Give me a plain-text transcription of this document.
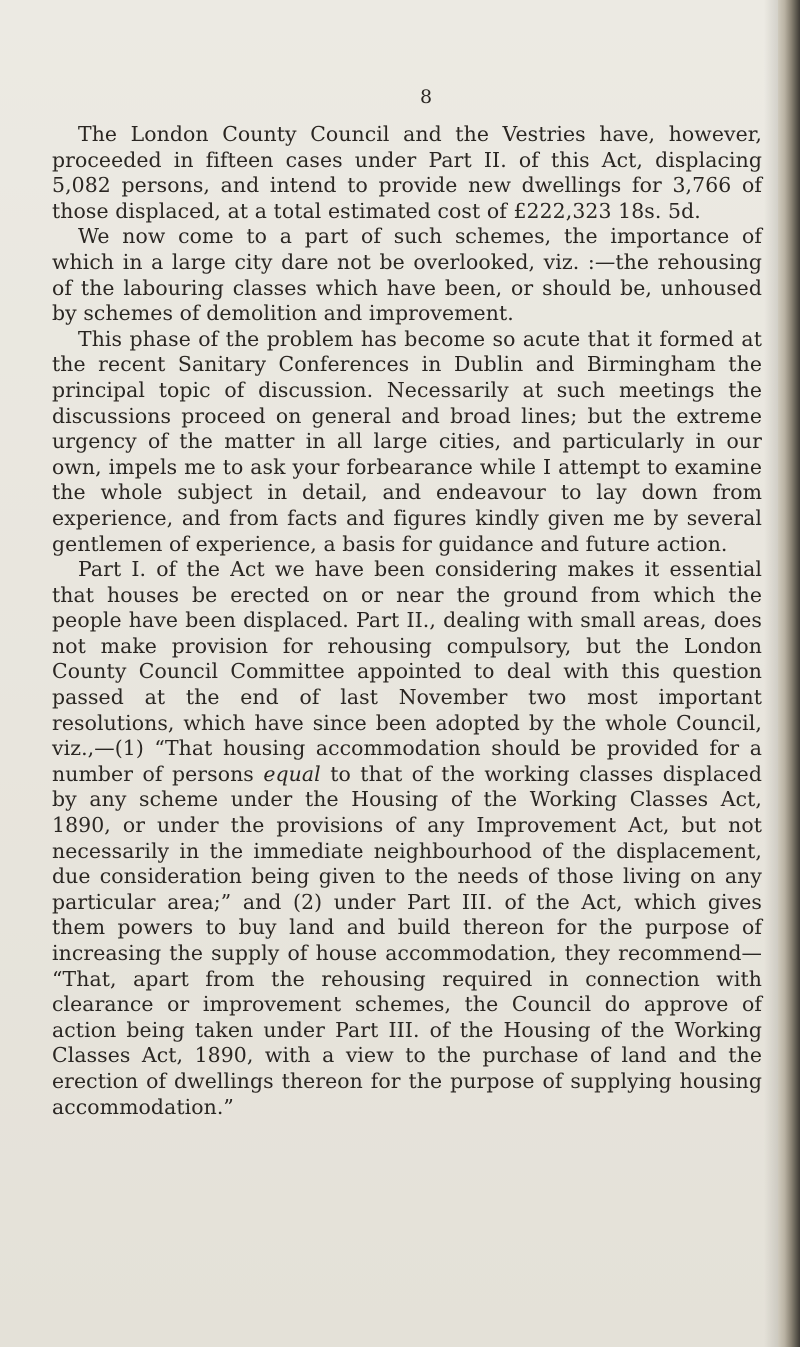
8

The London County Council and the Vestries have, however, proceeded in fifteen cases under Part II. of this Act, displacing 5,082 persons, and intend to provide new dwellings for 3,766 of those displaced, at a total estimated cost of £222,323 18s. 5d.

We now come to a part of such schemes, the importance of which in a large city dare not be overlooked, viz. :—the rehousing of the labouring classes which have been, or should be, unhoused by schemes of demolition and improvement.

This phase of the problem has become so acute that it formed at the recent Sanitary Conferences in Dublin and Birmingham the principal topic of discussion. Necessarily at such meetings the discussions proceed on general and broad lines; but the extreme urgency of the matter in all large cities, and particularly in our own, impels me to ask your forbearance while I attempt to examine the whole subject in detail, and endeavour to lay down from experience, and from facts and figures kindly given me by several gentlemen of experience, a basis for guidance and future action.

Part I. of the Act we have been considering makes it essential that houses be erected on or near the ground from which the people have been displaced. Part II., dealing with small areas, does not make provision for rehousing compulsory, but the London County Council Committee appointed to deal with this question passed at the end of last November two most important resolutions, which have since been adopted by the whole Council, viz.,—(1) “That housing accommodation should be provided for a number of persons equal to that of the working classes displaced by any scheme under the Housing of the Working Classes Act, 1890, or under the provisions of any Improvement Act, but not necessarily in the immediate neighbourhood of the displacement, due consideration being given to the needs of those living on any particular area;” and (2) under Part III. of the Act, which gives them powers to buy land and build thereon for the purpose of increasing the supply of house accommodation, they recommend— “That, apart from the rehousing required in connection with clearance or improvement schemes, the Council do approve of action being taken under Part III. of the Housing of the Working Classes Act, 1890, with a view to the purchase of land and the erection of dwellings thereon for the purpose of supplying housing accommodation.”
